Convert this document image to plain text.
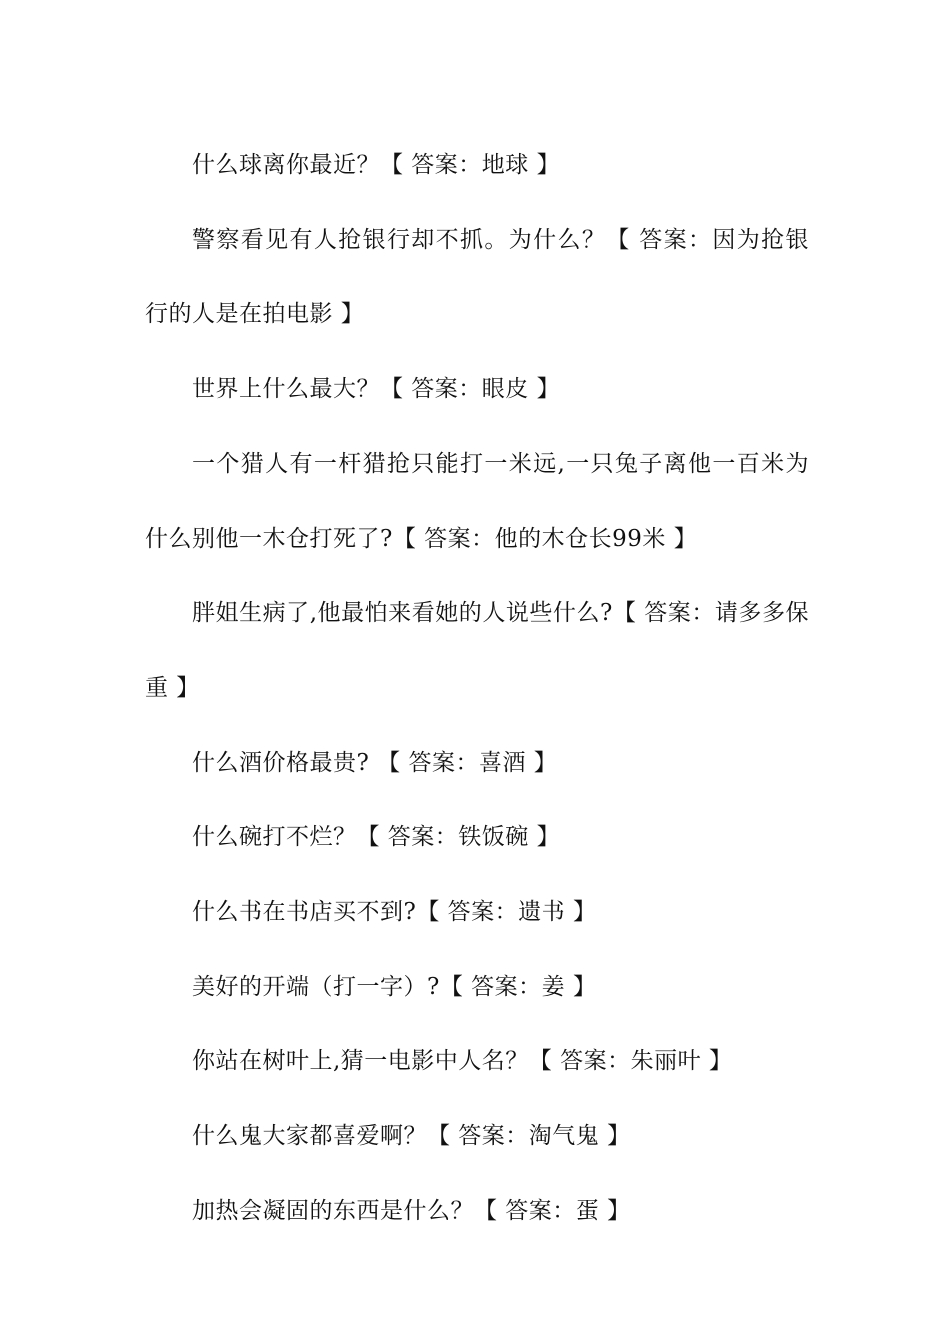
什么球离你最近？【 答案：地球 】

警察看见有人抢银行却不抓。为什么？【 答案：因为抢银行的人是在拍电影 】

世界上什么最大？【 答案：眼皮 】

一个猎人有一杆猎抢只能打一米远,一只兔子离他一百米为什么别他一木仓打死了?【 答案：他的木仓长99米 】

胖姐生病了,他最怕来看她的人说些什么?【 答案：请多多保重 】

什么酒价格最贵? 【 答案：喜酒 】

什么碗打不烂？【 答案：铁饭碗 】

什么书在书店买不到?【 答案：遗书 】

美好的开端（打一字）?【 答案：姜 】

你站在树叶上,猜一电影中人名？【 答案：朱丽叶 】

什么鬼大家都喜爱啊？【 答案：淘气鬼 】

加热会凝固的东西是什么？【 答案：蛋 】
